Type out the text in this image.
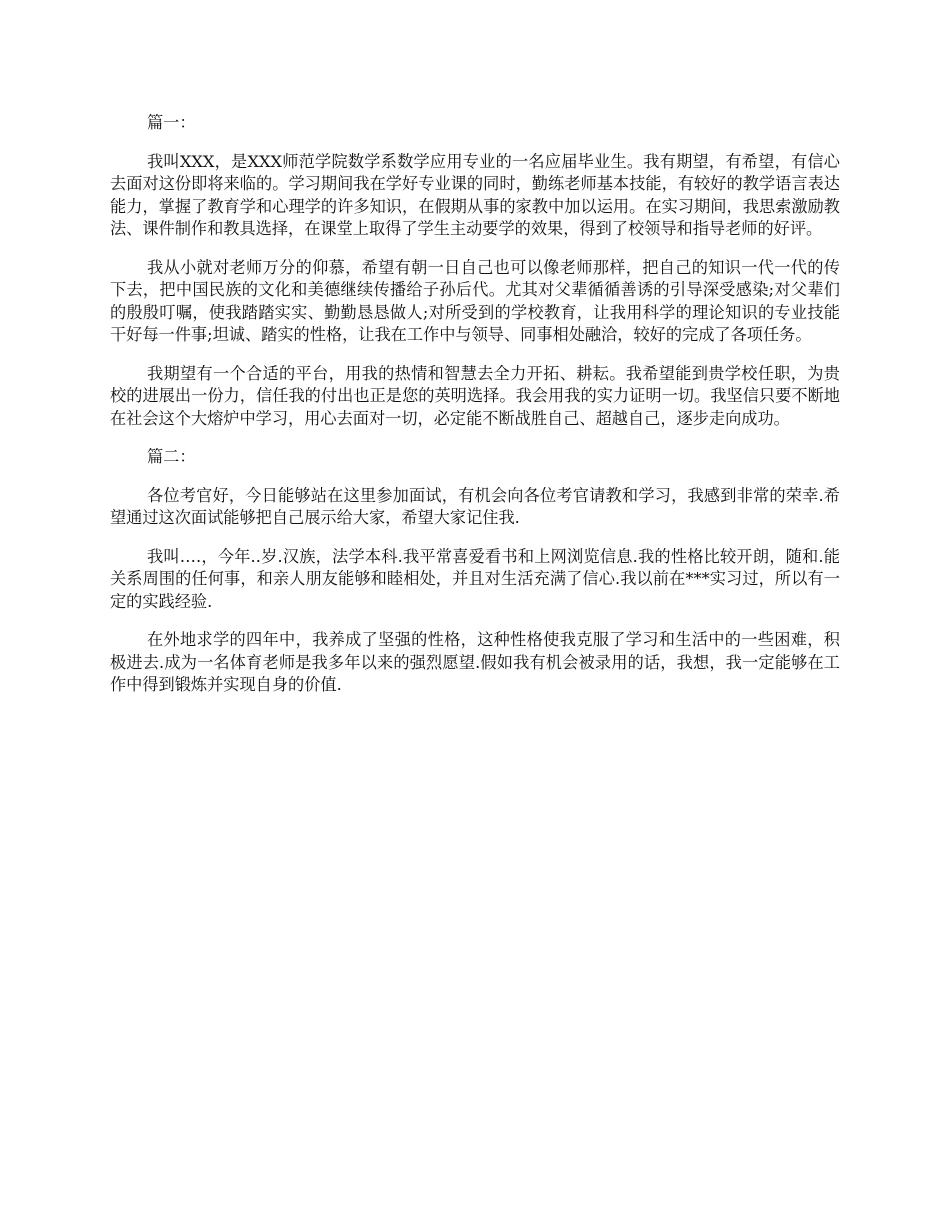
篇一：

我叫XXX，是XXX师范学院数学系数学应用专业的一名应届毕业生。我有期望，有希望，有信心去面对这份即将来临的。学习期间我在学好专业课的同时，勤练老师基本技能，有较好的教学语言表达能力，掌握了教育学和心理学的许多知识，在假期从事的家教中加以运用。在实习期间，我思索激励教法、课件制作和教具选择，在课堂上取得了学生主动要学的效果，得到了校领导和指导老师的好评。

我从小就对老师万分的仰慕，希望有朝一日自己也可以像老师那样，把自己的知识一代一代的传下去，把中国民族的文化和美德继续传播给子孙后代。尤其对父辈循循善诱的引导深受感染;对父辈们的殷殷叮嘱，使我踏踏实实、勤勤恳恳做人;对所受到的学校教育，让我用科学的理论知识的专业技能干好每一件事;坦诚、踏实的性格，让我在工作中与领导、同事相处融洽，较好的完成了各项任务。

我期望有一个合适的平台，用我的热情和智慧去全力开拓、耕耘。我希望能到贵学校任职，为贵校的进展出一份力，信任我的付出也正是您的英明选择。我会用我的实力证明一切。我坚信只要不断地在社会这个大熔炉中学习，用心去面对一切，必定能不断战胜自己、超越自己，逐步走向成功。

篇二：

各位考官好，今日能够站在这里参加面试，有机会向各位考官请教和学习，我感到非常的荣幸.希望通过这次面试能够把自己展示给大家，希望大家记住我.

我叫….，今年..岁.汉族，法学本科.我平常喜爱看书和上网浏览信息.我的性格比较开朗，随和.能关系周围的任何事，和亲人朋友能够和睦相处，并且对生活充满了信心.我以前在***实习过，所以有一定的实践经验.

在外地求学的四年中，我养成了坚强的性格，这种性格使我克服了学习和生活中的一些困难，积极进去.成为一名体育老师是我多年以来的强烈愿望.假如我有机会被录用的话，我想，我一定能够在工作中得到锻炼并实现自身的价值.
